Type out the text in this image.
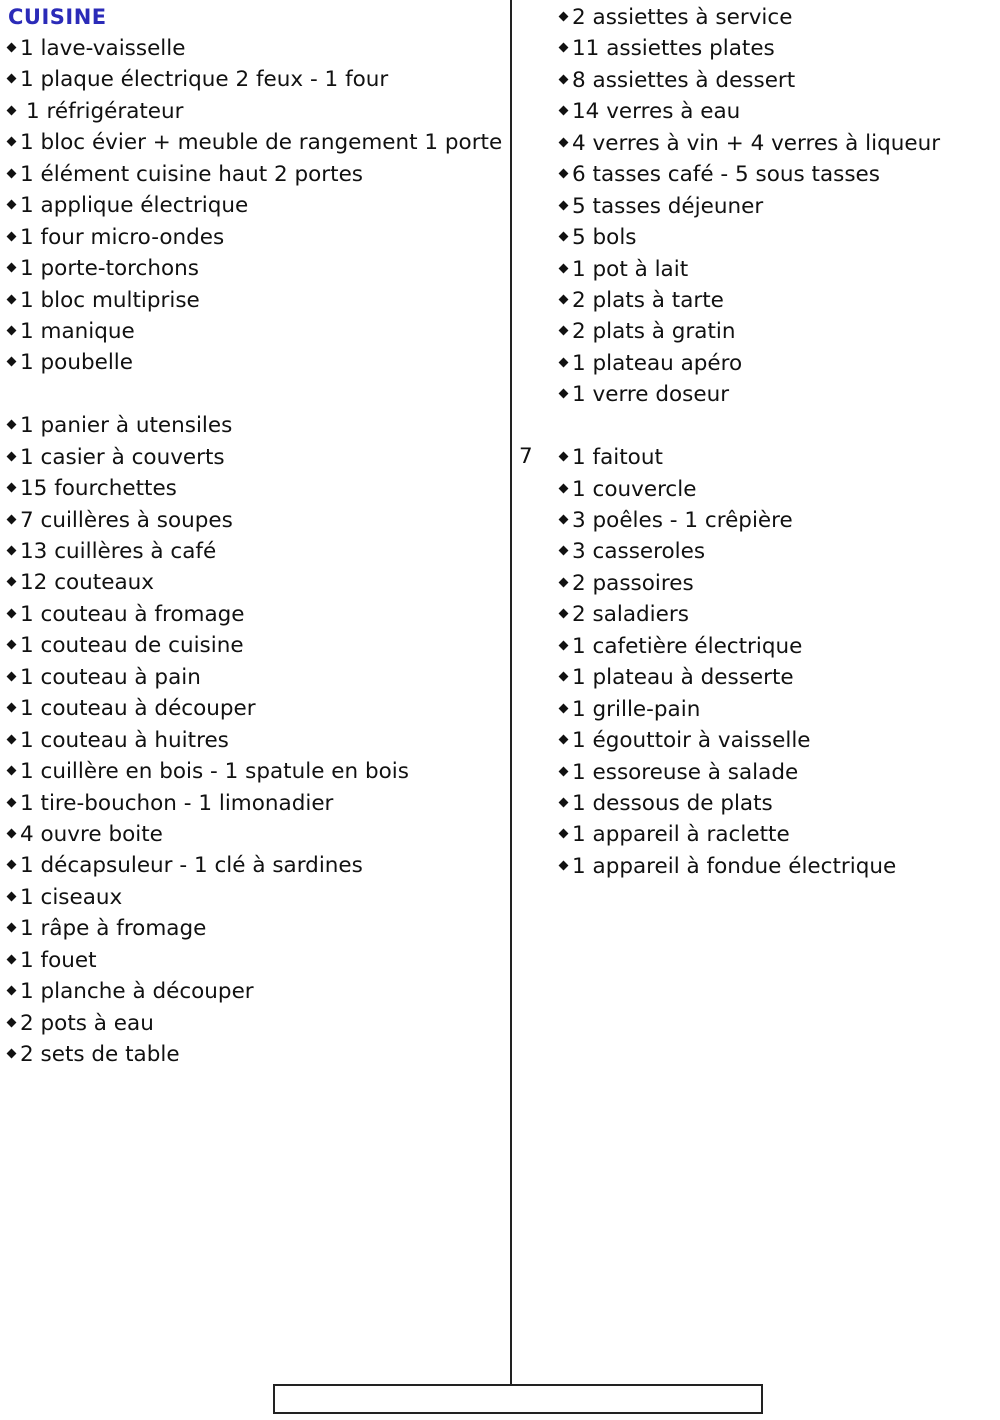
CUISINE
1 lave-vaisselle
1 plaque électrique 2 feux - 1 four
1 réfrigérateur
1 bloc évier + meuble de rangement 1 porte
1 élément cuisine haut 2 portes
1 applique électrique
1 four micro-ondes
1 porte-torchons
1 bloc multiprise
1 manique
1 poubelle
1 panier à utensiles
1 casier à couverts
15 fourchettes
7 cuillères à soupes
13 cuillères à café
12 couteaux
1 couteau à fromage
1 couteau de cuisine
1 couteau à pain
1 couteau à découper
1 couteau à huitres
1 cuillère en bois - 1 spatule en bois
1 tire-bouchon - 1 limonadier
4 ouvre boite
1 décapsuleur - 1 clé à sardines
1 ciseaux
1 râpe à fromage
1 fouet
1 planche à découper
2 pots à eau
2 sets de table
7
2 assiettes à service
11 assiettes plates
8 assiettes à dessert
14 verres à eau
4 verres à vin + 4 verres à liqueur
6 tasses café - 5 sous tasses
5 tasses déjeuner
5 bols
1 pot à lait
2 plats à tarte
2 plats à gratin
1 plateau apéro
1 verre doseur
1 faitout
1 couvercle
3 poêles - 1 crêpière
3 casseroles
2 passoires
2 saladiers
1 cafetière électrique
1 plateau à desserte
1 grille-pain
1 égouttoir à vaisselle
1 essoreuse à salade
1 dessous de plats
1 appareil à raclette
1 appareil à fondue électrique
